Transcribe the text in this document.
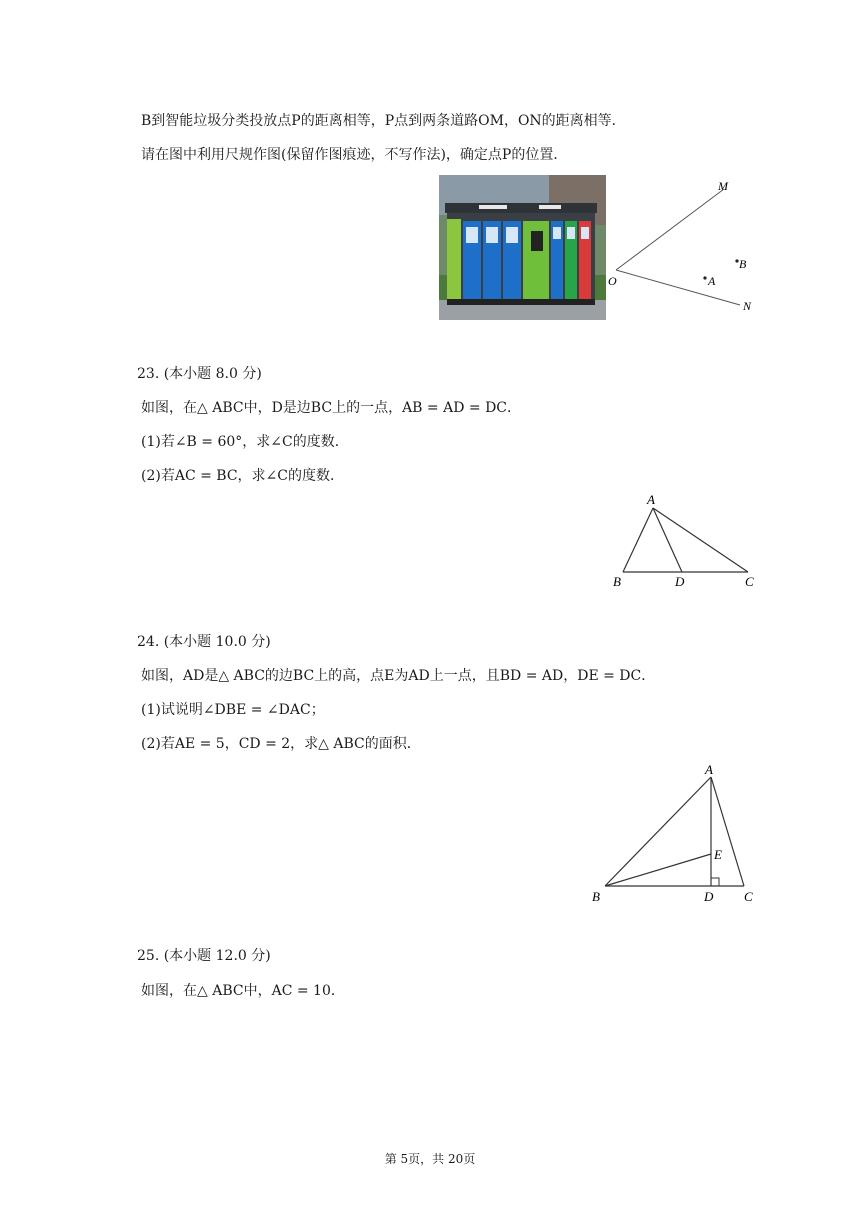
B到智能垃圾分类投放点P的距离相等，P点到两条道路OM，ON的距离相等．
请在图中利用尺规作图(保留作图痕迹，不写作法)，确定点P的位置．
M
O
N
A
B
23. (本小题 8.0 分)
如图，在△ ABC中，D是边BC上的一点，AB = AD = DC．
(1)若∠B = 60°，求∠C的度数．
(2)若AC = BC，求∠C的度数．
A
B	D	C
24. (本小题 10.0 分)
如图，AD是△ ABC的边BC上的高，点E为AD上一点，且BD = AD，DE = DC．
(1)试说明∠DBE = ∠DAC；
(2)若AE = 5，CD = 2，求△ ABC的面积．
A
E
B	D C
25. (本小题 12.0 分)
如图，在△ ABC中，AC = 10．
第 5页，共 20页
